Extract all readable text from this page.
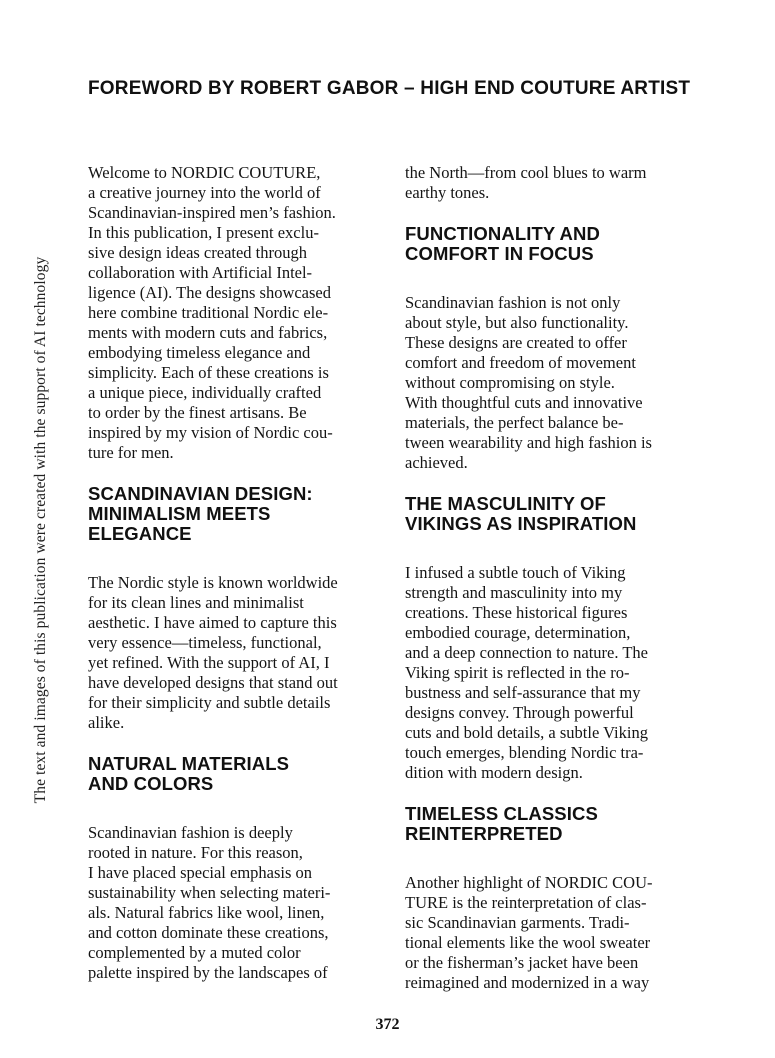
The text and images of this publication were created with the support of AI technology
FOREWORD BY ROBERT GABOR – HIGH END COUTURE ARTIST

Welcome to NORDIC COUTURE,
a creative journey into the world of
Scandinavian-inspired men’s fashion.
In this publication, I present exclu-
sive design ideas created through
collaboration with Artificial Intel-
ligence (AI). The designs showcased
here combine traditional Nordic ele-
ments with modern cuts and fabrics,
embodying timeless elegance and
simplicity. Each of these creations is
a unique piece, individually crafted
to order by the finest artisans. Be
inspired by my vision of Nordic cou-
ture for men.

SCANDINAVIAN DESIGN:
MINIMALISM MEETS
ELEGANCE

The Nordic style is known worldwide
for its clean lines and minimalist
aesthetic. I have aimed to capture this
very essence—timeless, functional,
yet refined. With the support of AI, I
have developed designs that stand out
for their simplicity and subtle details
alike.

NATURAL MATERIALS
AND COLORS

Scandinavian fashion is deeply
rooted in nature. For this reason,
I have placed special emphasis on
sustainability when selecting materi-
als. Natural fabrics like wool, linen,
and cotton dominate these creations,
complemented by a muted color
palette inspired by the landscapes of

the North—from cool blues to warm
earthy tones.

FUNCTIONALITY AND
COMFORT IN FOCUS

Scandinavian fashion is not only
about style, but also functionality.
These designs are created to offer
comfort and freedom of movement
without compromising on style.
With thoughtful cuts and innovative
materials, the perfect balance be-
tween wearability and high fashion is
achieved.

THE MASCULINITY OF
VIKINGS AS INSPIRATION

I infused a subtle touch of Viking
strength and masculinity into my
creations. These historical figures
embodied courage, determination,
and a deep connection to nature. The
Viking spirit is reflected in the ro-
bustness and self-assurance that my
designs convey. Through powerful
cuts and bold details, a subtle Viking
touch emerges, blending Nordic tra-
dition with modern design.

TIMELESS CLASSICS
REINTERPRETED

Another highlight of NORDIC COU-
TURE is the reinterpretation of clas-
sic Scandinavian garments. Tradi-
tional elements like the wool sweater
or the fisherman’s jacket have been
reimagined and modernized in a way

372
